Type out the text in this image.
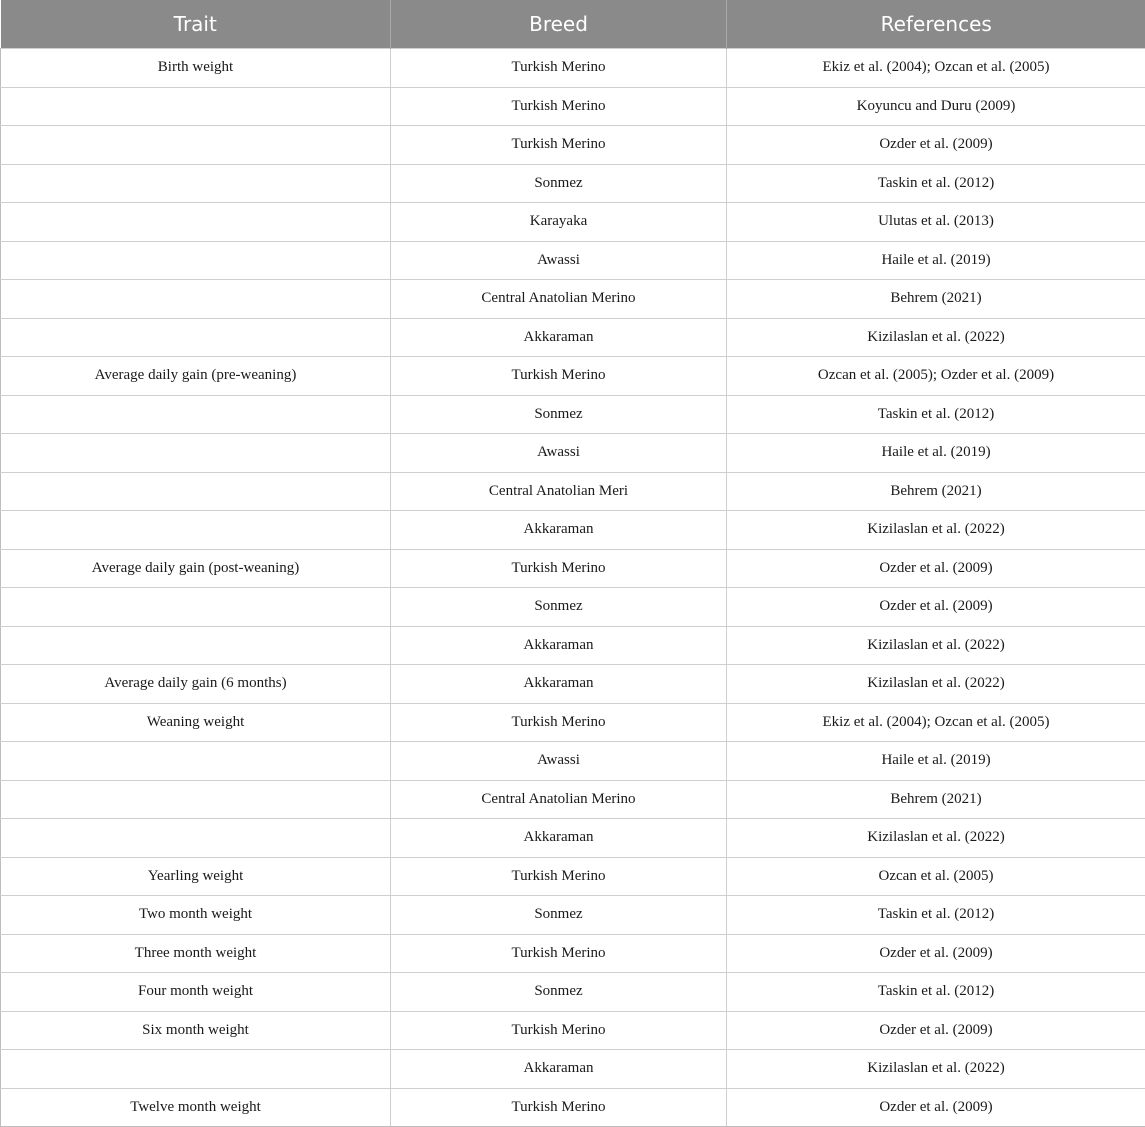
Trait	Breed	References
Birth weight	Turkish Merino	Ekiz et al. (2004); Ozcan et al. (2005)
	Turkish Merino	Koyuncu and Duru (2009)
	Turkish Merino	Ozder et al. (2009)
	Sonmez	Taskin et al. (2012)
	Karayaka	Ulutas et al. (2013)
	Awassi	Haile et al. (2019)
	Central Anatolian Merino	Behrem (2021)
	Akkaraman	Kizilaslan et al. (2022)
Average daily gain (pre-weaning)	Turkish Merino	Ozcan et al. (2005); Ozder et al. (2009)
	Sonmez	Taskin et al. (2012)
	Awassi	Haile et al. (2019)
	Central Anatolian Meri	Behrem (2021)
	Akkaraman	Kizilaslan et al. (2022)
Average daily gain (post-weaning)	Turkish Merino	Ozder et al. (2009)
	Sonmez	Ozder et al. (2009)
	Akkaraman	Kizilaslan et al. (2022)
Average daily gain (6 months)	Akkaraman	Kizilaslan et al. (2022)
Weaning weight	Turkish Merino	Ekiz et al. (2004); Ozcan et al. (2005)
	Awassi	Haile et al. (2019)
	Central Anatolian Merino	Behrem (2021)
	Akkaraman	Kizilaslan et al. (2022)
Yearling weight	Turkish Merino	Ozcan et al. (2005)
Two month weight	Sonmez	Taskin et al. (2012)
Three month weight	Turkish Merino	Ozder et al. (2009)
Four month weight	Sonmez	Taskin et al. (2012)
Six month weight	Turkish Merino	Ozder et al. (2009)
	Akkaraman	Kizilaslan et al. (2022)
Twelve month weight	Turkish Merino	Ozder et al. (2009)
